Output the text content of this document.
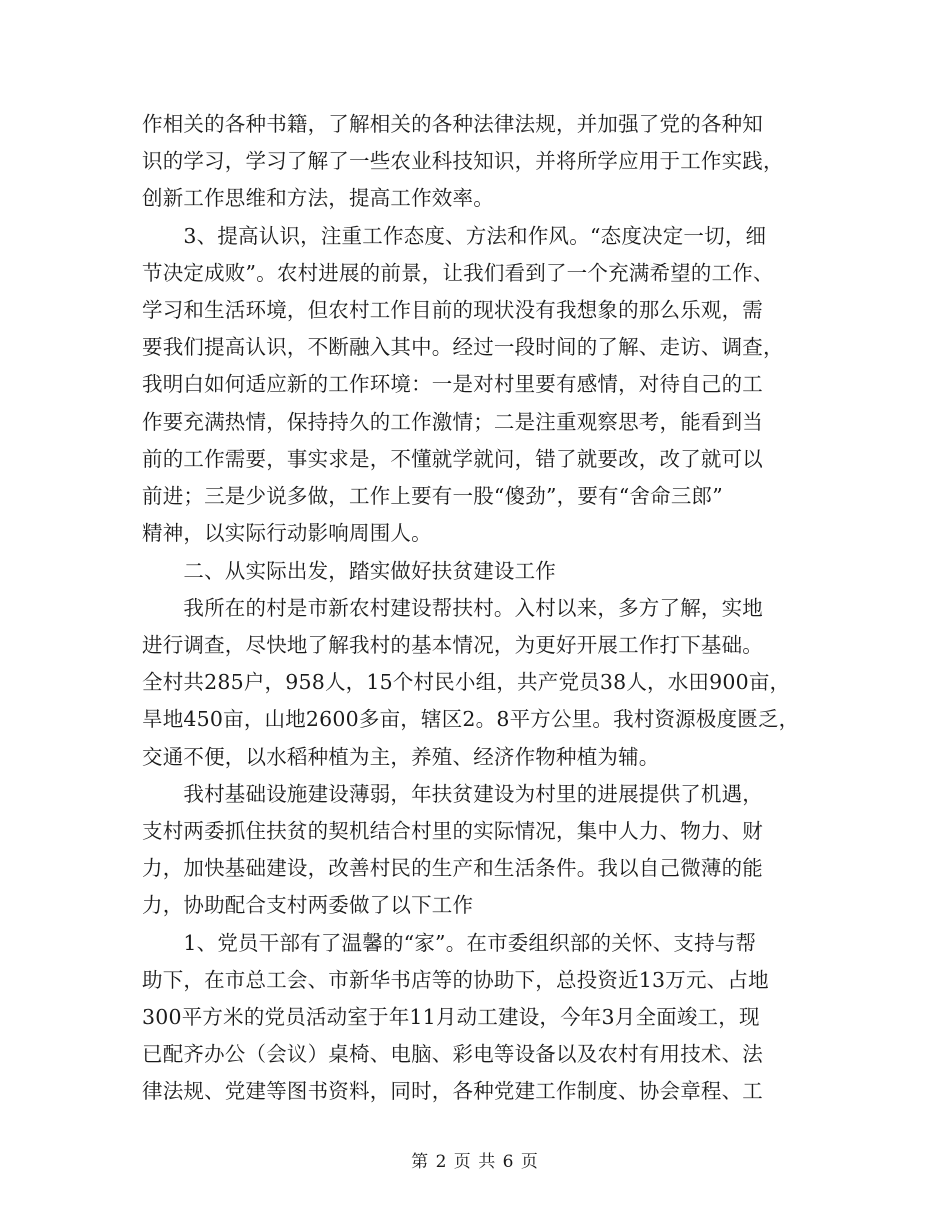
作相关的各种书籍，了解相关的各种法律法规，并加强了党的各种知
识的学习，学习了解了一些农业科技知识，并将所学应用于工作实践，
创新工作思维和方法，提高工作效率。
　　3、提高认识，注重工作态度、方法和作风。“态度决定一切，细
节决定成败”。农村进展的前景，让我们看到了一个充满希望的工作、
学习和生活环境，但农村工作目前的现状没有我想象的那么乐观，需
要我们提高认识，不断融入其中。经过一段时间的了解、走访、调查，
我明白如何适应新的工作环境：一是对村里要有感情，对待自己的工
作要充满热情，保持持久的工作激情；二是注重观察思考，能看到当
前的工作需要，事实求是，不懂就学就问，错了就要改，改了就可以
前进；三是少说多做，工作上要有一股“傻劲”，要有“舍命三郎”
精神，以实际行动影响周围人。
　　二、从实际出发，踏实做好扶贫建设工作
　　我所在的村是市新农村建设帮扶村。入村以来，多方了解，实地
进行调查，尽快地了解我村的基本情况，为更好开展工作打下基础。
全村共285户，958人，15个村民小组，共产党员38人，水田900亩，
旱地450亩，山地2600多亩，辖区2。8平方公里。我村资源极度匮乏，
交通不便，以水稻种植为主，养殖、经济作物种植为辅。
　　我村基础设施建设薄弱，年扶贫建设为村里的进展提供了机遇，
支村两委抓住扶贫的契机结合村里的实际情况，集中人力、物力、财
力，加快基础建设，改善村民的生产和生活条件。我以自己微薄的能
力，协助配合支村两委做了以下工作
　　1、党员干部有了温馨的“家”。在市委组织部的关怀、支持与帮
助下，在市总工会、市新华书店等的协助下，总投资近13万元、占地
300平方米的党员活动室于年11月动工建设，今年3月全面竣工，现
已配齐办公（会议）桌椅、电脑、彩电等设备以及农村有用技术、法
律法规、党建等图书资料，同时，各种党建工作制度、协会章程、工
第 2 页 共 6 页
